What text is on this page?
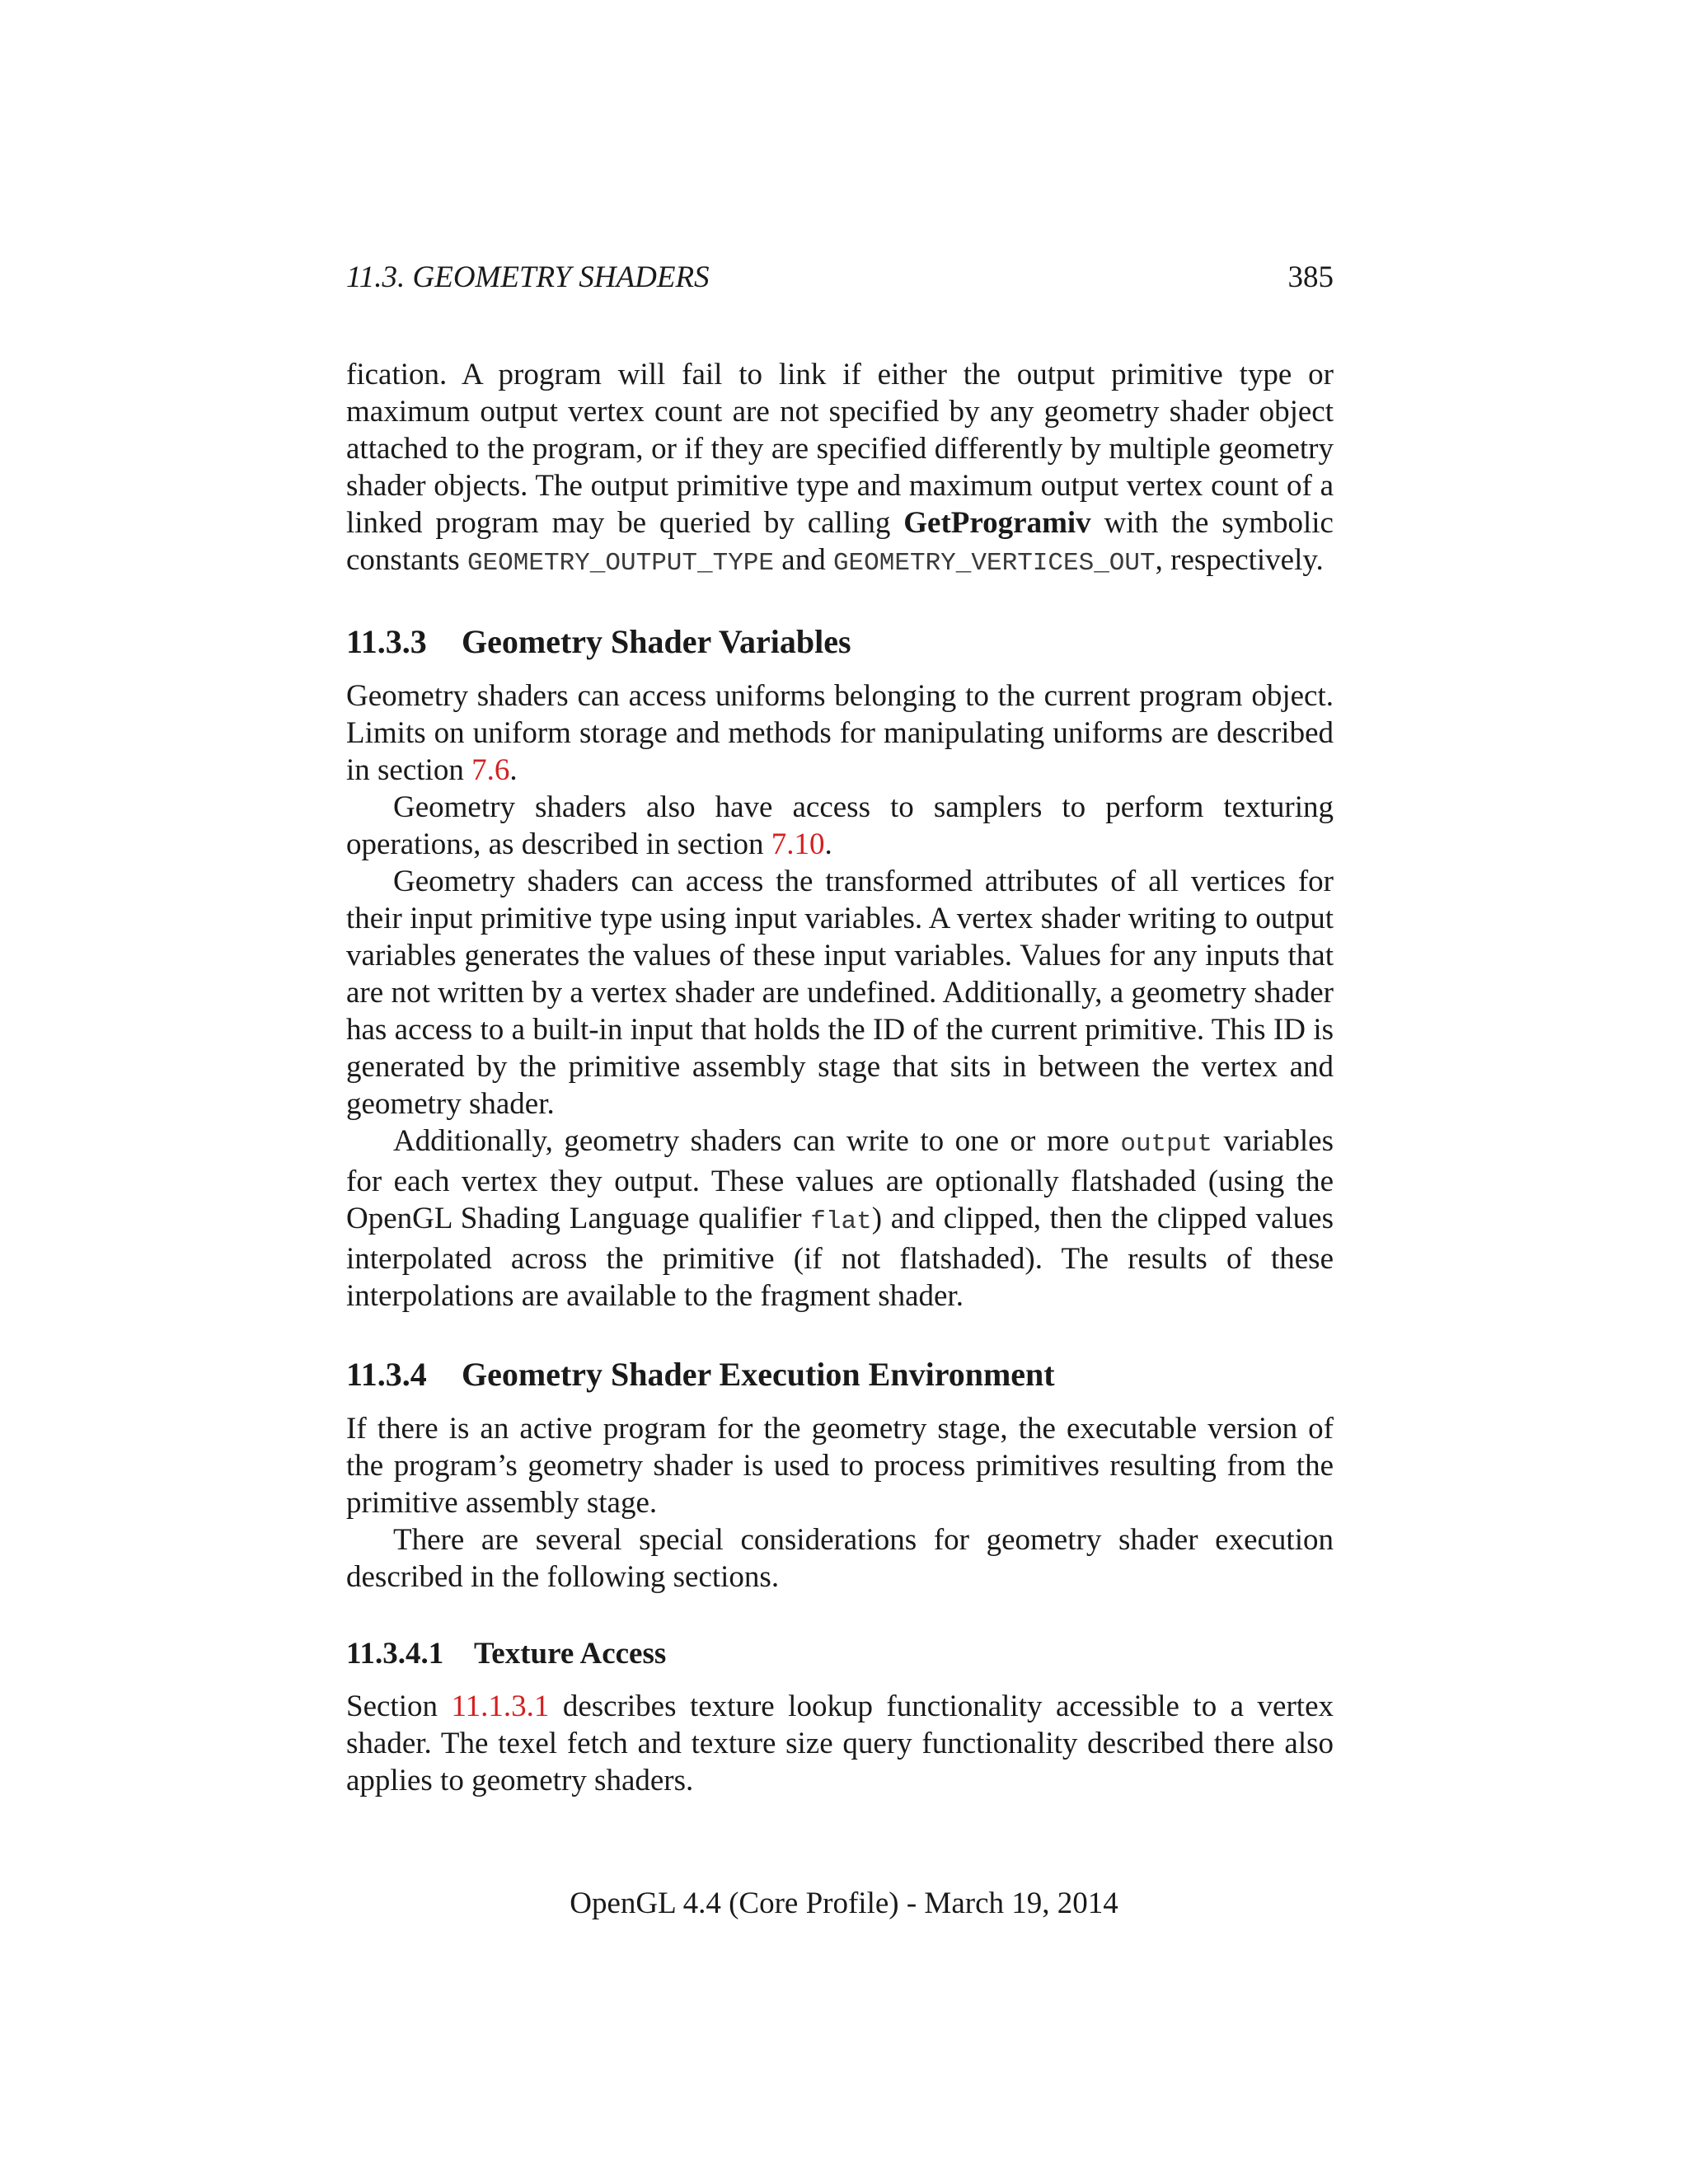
11.3. GEOMETRY SHADERS	385

fication. A program will fail to link if either the output primitive type or maximum output vertex count are not specified by any geometry shader object attached to the program, or if they are specified differently by multiple geometry shader objects. The output primitive type and maximum output vertex count of a linked program may be queried by calling GetProgramiv with the symbolic constants GEOMETRY_OUTPUT_TYPE and GEOMETRY_VERTICES_OUT, respectively.

11.3.3 Geometry Shader Variables

Geometry shaders can access uniforms belonging to the current program object. Limits on uniform storage and methods for manipulating uniforms are described in section 7.6.

Geometry shaders also have access to samplers to perform texturing operations, as described in section 7.10.

Geometry shaders can access the transformed attributes of all vertices for their input primitive type using input variables. A vertex shader writing to output variables generates the values of these input variables. Values for any inputs that are not written by a vertex shader are undefined. Additionally, a geometry shader has access to a built-in input that holds the ID of the current primitive. This ID is generated by the primitive assembly stage that sits in between the vertex and geometry shader.

Additionally, geometry shaders can write to one or more output variables for each vertex they output. These values are optionally flatshaded (using the OpenGL Shading Language qualifier flat) and clipped, then the clipped values interpolated across the primitive (if not flatshaded). The results of these interpolations are available to the fragment shader.

11.3.4 Geometry Shader Execution Environment

If there is an active program for the geometry stage, the executable version of the program’s geometry shader is used to process primitives resulting from the primitive assembly stage.

There are several special considerations for geometry shader execution described in the following sections.

11.3.4.1 Texture Access

Section 11.1.3.1 describes texture lookup functionality accessible to a vertex shader. The texel fetch and texture size query functionality described there also applies to geometry shaders.

OpenGL 4.4 (Core Profile) - March 19, 2014
